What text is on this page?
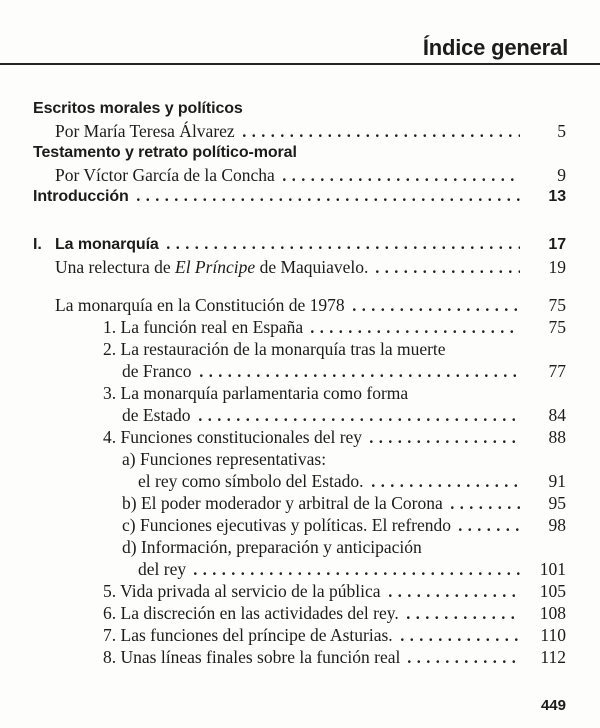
Índice general
Escritos morales y políticos
Por María Teresa Álvarez	5
Testamento y retrato político-moral
Por Víctor García de la Concha	9
Introducción	13
I. La monarquía	17
Una relectura de El Príncipe de Maquiavelo.	19
La monarquía en la Constitución de 1978	75
1. La función real en España	75
2. La restauración de la monarquía tras la muerte
de Franco	77
3. La monarquía parlamentaria como forma
de Estado	84
4. Funciones constitucionales del rey	88
a) Funciones representativas:
el rey como símbolo del Estado.	91
b) El poder moderador y arbitral de la Corona	95
c) Funciones ejecutivas y políticas. El refrendo	98
d) Información, preparación y anticipación
del rey	101
5. Vida privada al servicio de la pública	105
6. La discreción en las actividades del rey.	108
7. Las funciones del príncipe de Asturias.	110
8. Unas líneas finales sobre la función real	112
449
